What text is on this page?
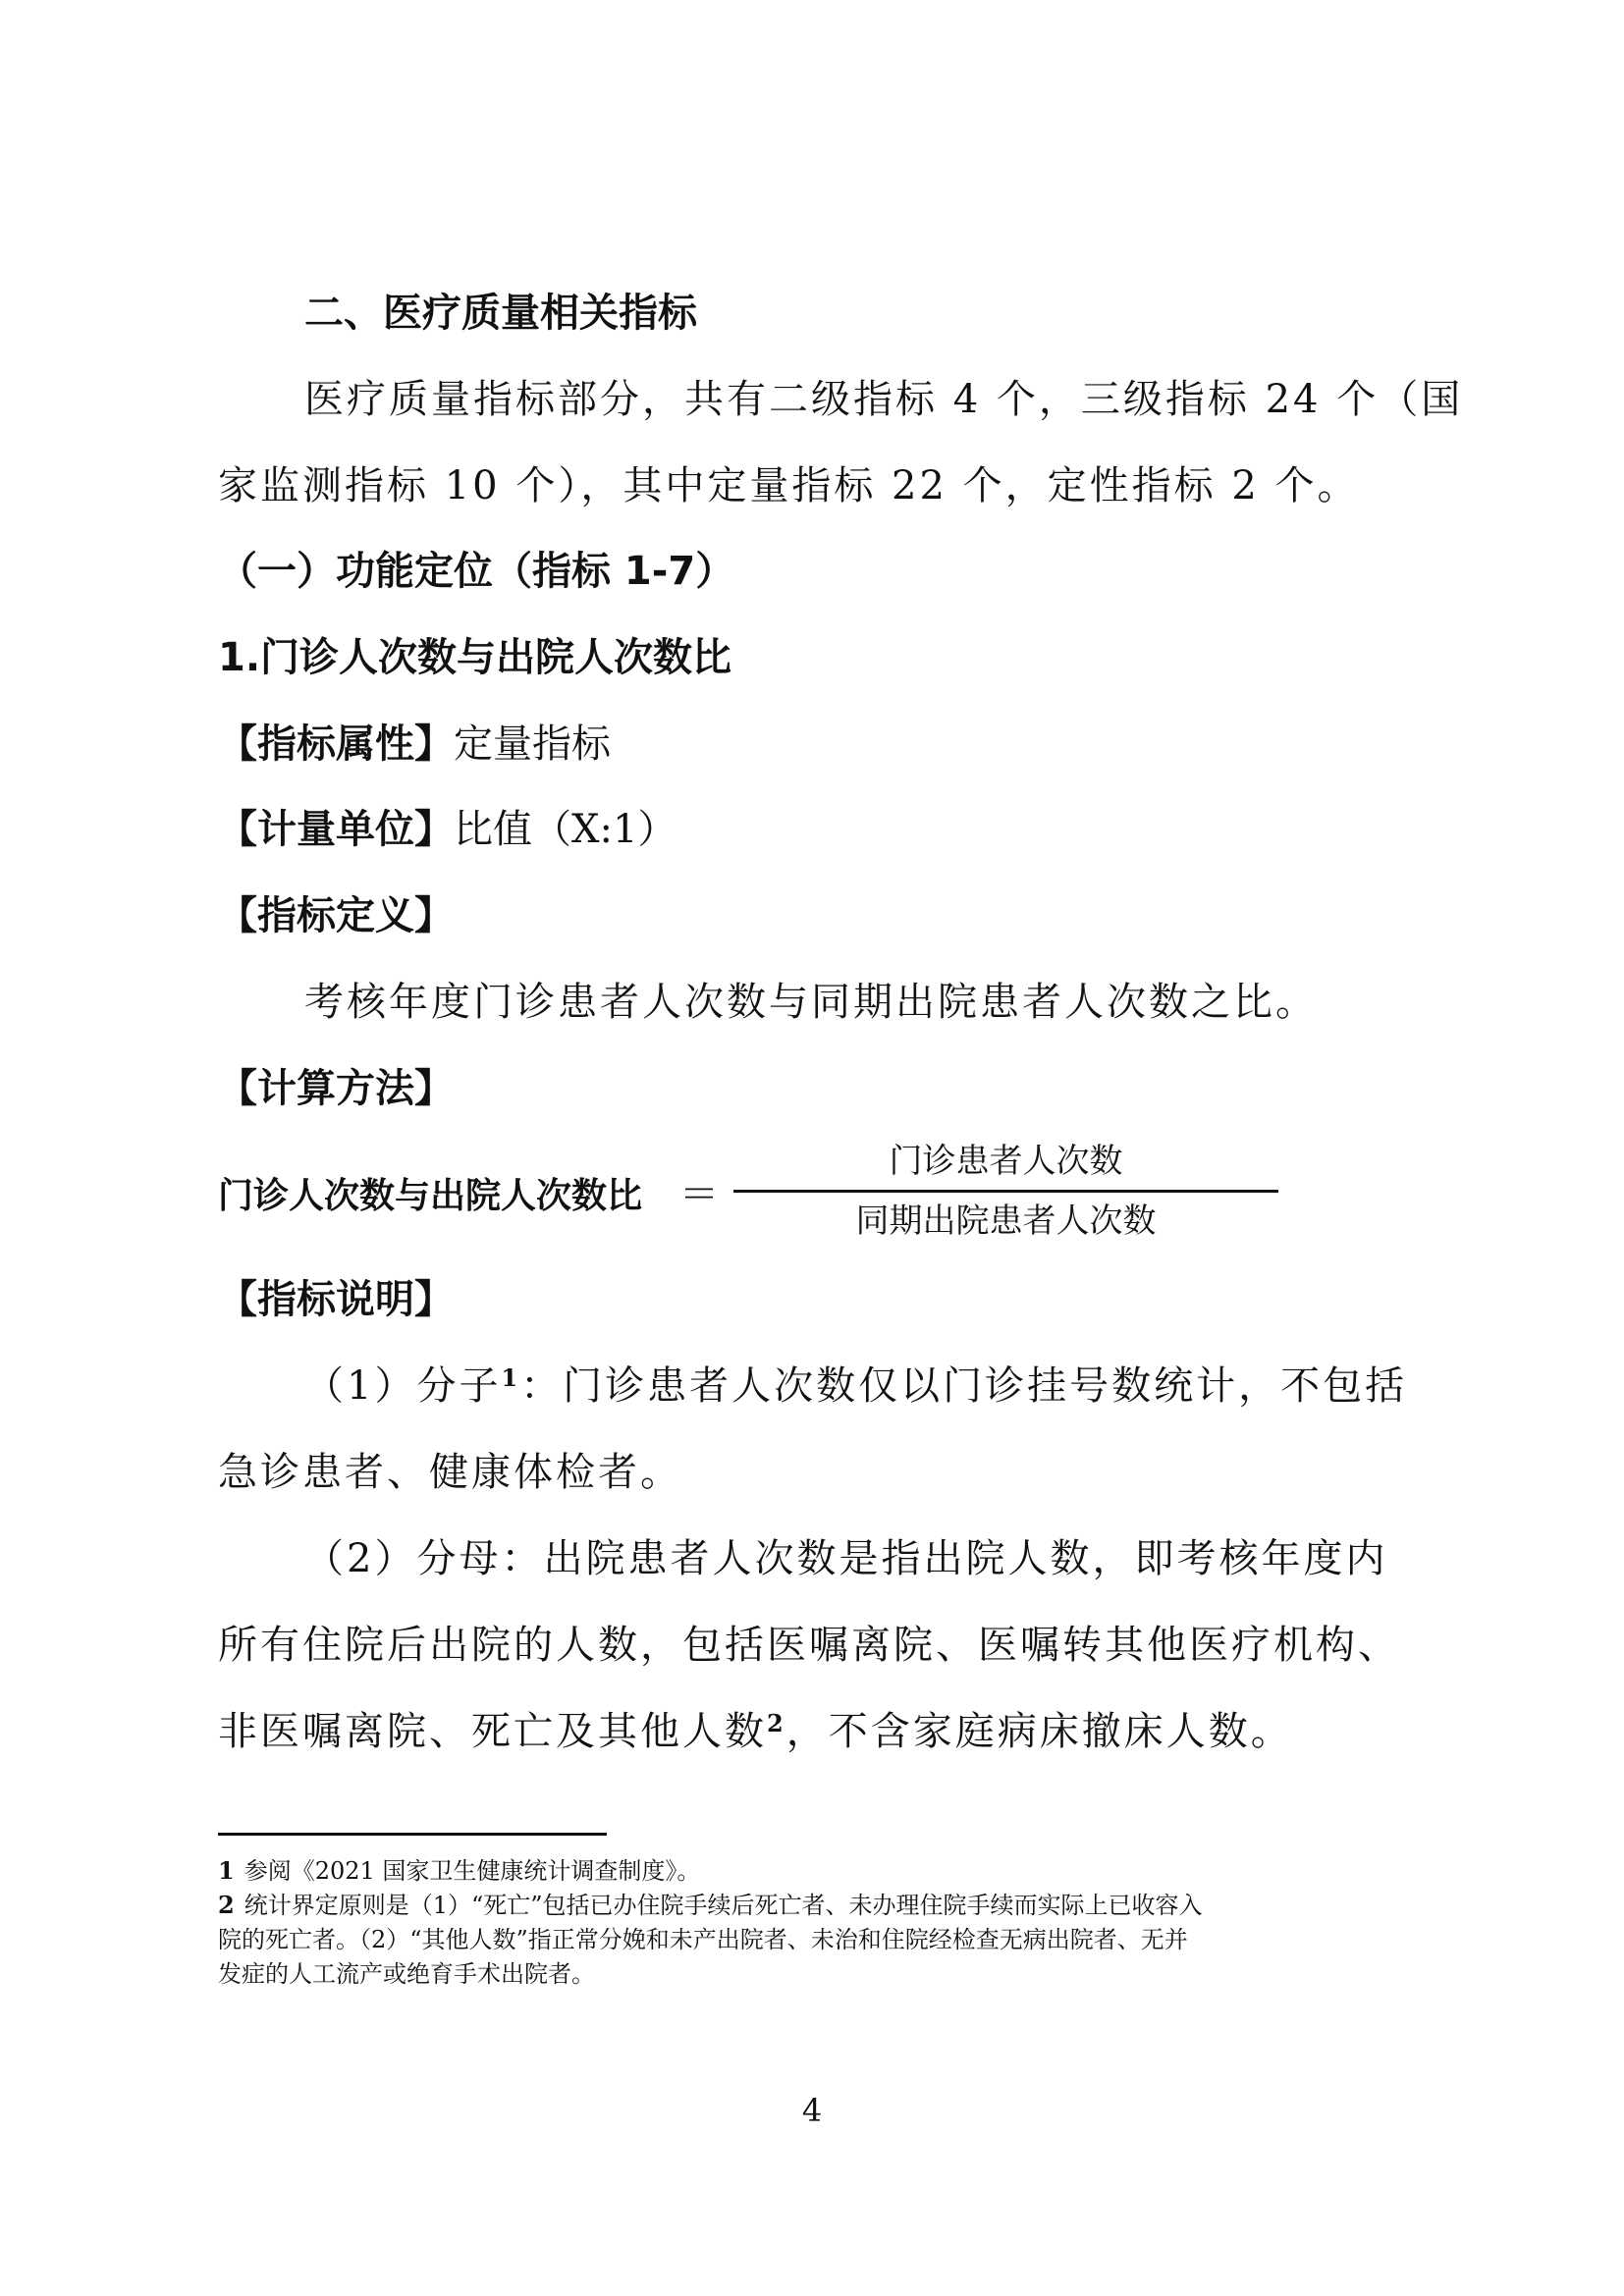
二、医疗质量相关指标
医疗质量指标部分，共有二级指标 4 个，三级指标 24 个（国
家监测指标 10 个），其中定量指标 22 个，定性指标 2 个。
（一）功能定位（指标 1-7）
1.门诊人次数与出院人次数比
【指标属性】定量指标
【计量单位】比值（X:1）
【指标定义】
考核年度门诊患者人次数与同期出院患者人次数之比。
【计算方法】
门诊人次数与出院人次数比 ＝
门诊患者人次数
同期出院患者人次数
【指标说明】
（1）分子$^1$：门诊患者人次数仅以门诊挂号数统计，不包括
急诊患者、健康体检者。
（2）分母：出院患者人次数是指出院人数，即考核年度内
所有住院后出院的人数，包括医嘱离院、医嘱转其他医疗机构、
非医嘱离院、死亡及其他人数$^2$，不含家庭病床撤床人数。
1 参阅《2021 国家卫生健康统计调查制度》。
2 统计界定原则是（1）“死亡”包括已办住院手续后死亡者、未办理住院手续而实际上已收容入
院的死亡者。（2）“其他人数”指正常分娩和未产出院者、未治和住院经检查无病出院者、无并
发症的人工流产或绝育手术出院者。
4
